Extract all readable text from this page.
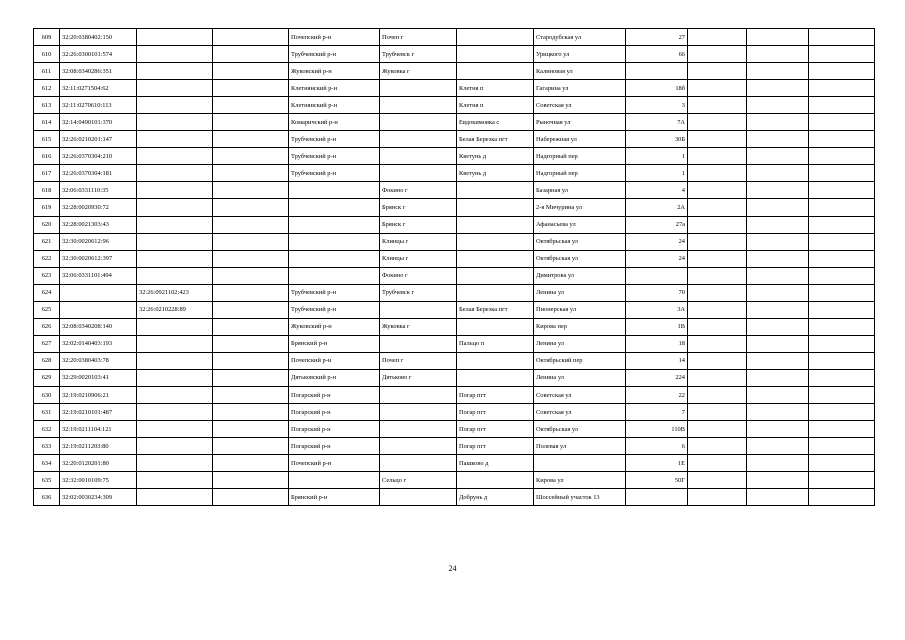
609	32:20:0380402:150			Почепский р-н	Почеп г		Стародубская ул	27			
610	32:26:0300101:574			Трубчевский р-н	Трубчевск г		Урицкого ул	66			
611	32:08:0340286:351			Жуковский р-н	Жуковка г		Калиновая ул				
612	32:11:0271504:62			Клетнянский р-н		Клетня п	Гагарина ул	18б			
613	32:11:0270610:113			Клетнянский р-н		Клетня п	Советская ул	3			
614	32:14:0490101:370			Комаричский р-н		Евдокимовка с	Рыночная ул	7А			
615	32:26:0210201:147			Трубчевский р-н		Белая Березка пгт	Набережная ул	30Б			
616	32:26:0370304:210			Трубчевский р-н		Кветунь д	Надгорный пер	1			
617	32:26:0370304:181			Трубчевский р-н		Кветунь д	Надгорный пер	1			
618	32:06:0331110:35				Фокино г		Базарная ул	4			
619	32:28:0020930:72				Брянск г		2-я Мичурина ул	2А			
620	32:28:0021303:43				Брянск г		Афанасьева ул	27а			
621	32:30:0020612:96				Клинцы г		Октябрьская ул	24			
622	32:30:0020612:397				Клинцы г		Октябрьская ул	24			
623	32:06:0331101:494				Фокино г		Димитрова ул				
624		32:26:0921102:423		Трубчевский р-н	Трубчевск г		Ленина ул	70			
625		32:26:0210228:89		Трубчевский р-н		Белая Березка пгт	Пионерская ул	3А			
626	32:08:0340208:140			Жуковский р-н	Жуковка г		Кирова пер	1В			
627	32:02:0140403:193			Брянский р-н		Пальцо п	Ленина ул	18			
628	32:20:0380403:78			Почепский р-н	Почеп г		Октябрьский пер	14			
629	32:29:0020103:41			Дятьковский р-н	Дятьково г		Ленина ул	224			
630	32:19:0210906:21			Погарский р-н		Погар пгт	Советская ул	22			
631	32:19:0210101:487			Погарский р-н		Погар пгт	Советская ул	7			
632	32:19:0211104:121			Погарский р-н		Погар пгт	Октябрьская ул	110В			
633	32:19:0211203:80			Погарский р-н		Погар пгт	Полевая ул	6			
634	32:20:0120201:80			Почепский р-н		Пашково д		1Е			
635	32:32:0010109:75				Сельцо г		Кирова ул	50Г			
636	32:02:0030234:309			Брянский р-н		Добрунь д	Шоссейный участок 13				
24
